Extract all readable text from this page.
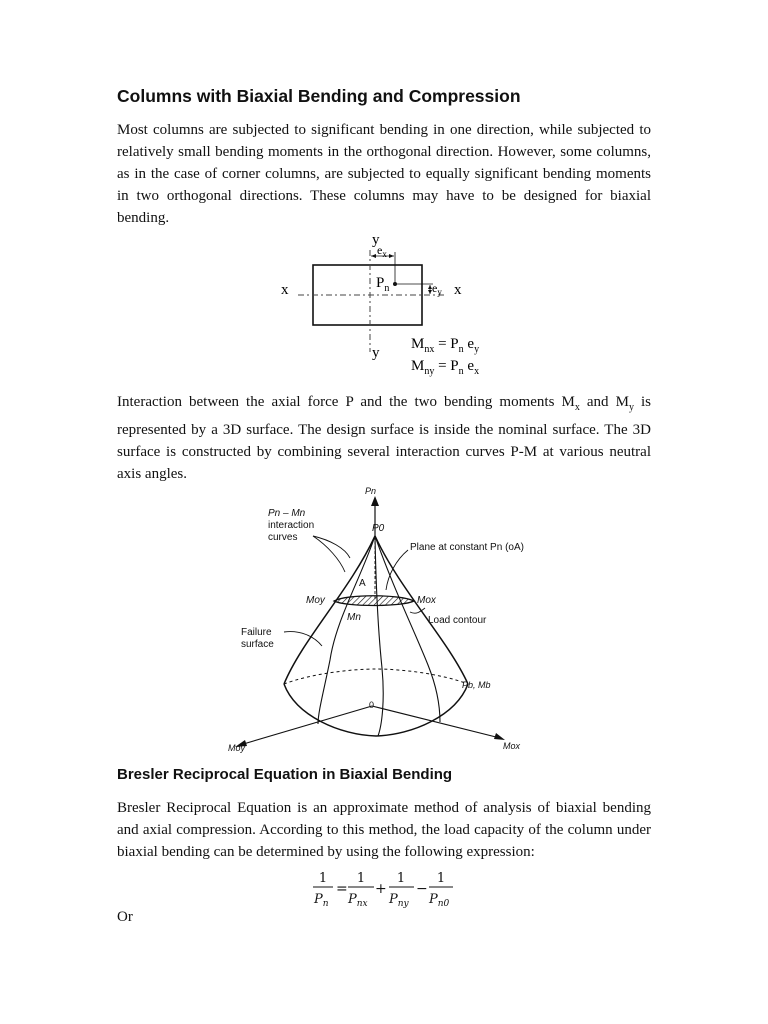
Columns with Biaxial Bending and Compression

Most columns are subjected to significant bending in one direction, while subjected to relatively small bending moments in the orthogonal direction. However, some columns, as in the case of corner columns, are subjected to equally significant bending moments in two orthogonal directions. These columns may have to be designed for biaxial bending.

y
y
x	x
$e_x$
$e_y$
$P_n$
$M_{nx} = P_n$ $e_y$
$M_{ny} = P_n$ $e_x$

Interaction between the axial force P and the two bending moments $M_x$ and $M_y$ is represented by a 3D surface. The design surface is inside the nominal surface. The 3D surface is constructed by combining several interaction curves P-M at various neutral axis angles.

Pn
Pn – Mn
P0
A
Moy	Mox
Mn
Pb, Mb
Moy	Mox
interaction
curves
Plane at constant Pn (oA)
Load contour
Failure
surface
0
Bresler Reciprocal Equation in Biaxial Bending

Bresler Reciprocal Equation is an approximate method of analysis of biaxial bending and axial compression. According to this method, the load capacity of the column under biaxial bending can be determined by using the following expression:

1
$P_n$
=
1
$P_{nx}$
+
1
$P_{ny}$
−
1
$P_{n0}$

Or
